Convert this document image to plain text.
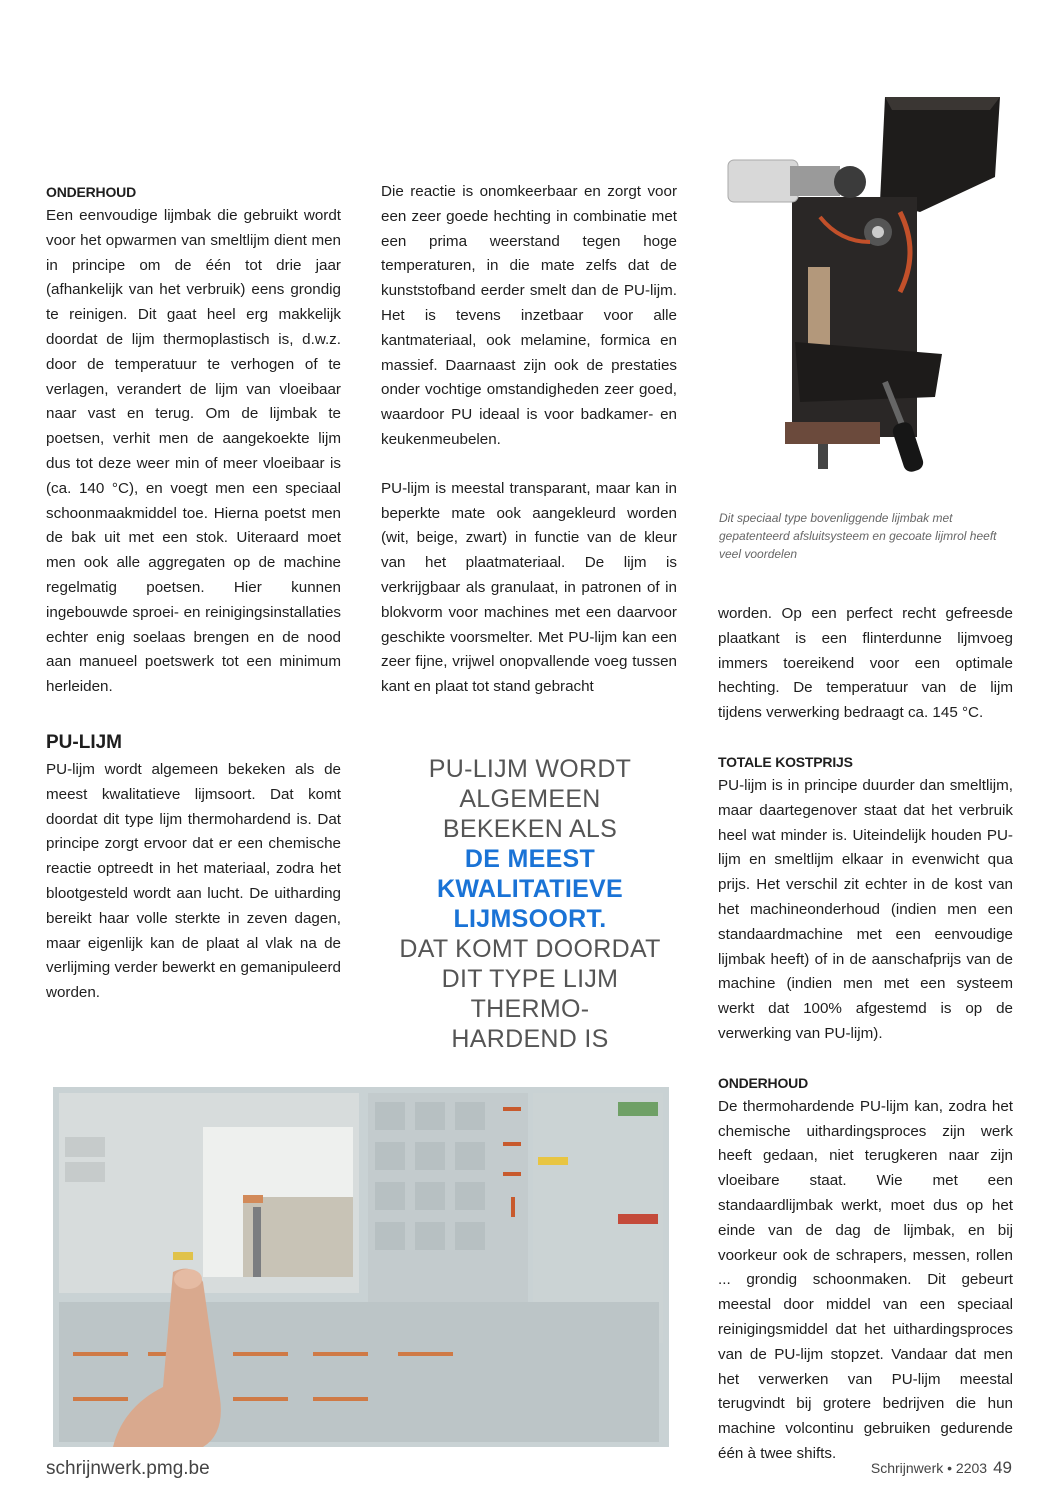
Dit speciaal type bovenliggende lijmbak met gepatenteerd afsluitsysteem en gecoate lijmrol heeft veel voordelen
ONDERHOUD

Een eenvoudige lijmbak die gebruikt wordt voor het opwarmen van smeltlijm dient men in principe om de één tot drie jaar (afhankelijk van het verbruik) eens grondig te reinigen. Dit gaat heel erg makkelijk doordat de lijm thermoplastisch is, d.w.z. door de temperatuur te verhogen of te verlagen, verandert de lijm van vloeibaar naar vast en terug. Om de lijmbak te poetsen, verhit men de aangekoekte lijm dus tot deze weer min of meer vloeibaar is (ca. 140 °C), en voegt men een speciaal schoonmaakmiddel toe. Hierna poetst men de bak uit met een stok. Uiteraard moet men ook alle aggregaten op de machine regelmatig poetsen. Hier kunnen ingebouwde sproei- en reinigingsinstallaties echter enig soelaas brengen en de nood aan manueel poetswerk tot een minimum herleiden.

PU-LIJM

PU-lijm wordt algemeen bekeken als de meest kwalitatieve lijmsoort. Dat komt doordat dit type lijm thermohardend is. Dat principe zorgt ervoor dat er een chemische reactie optreedt in het materiaal, zodra het blootgesteld wordt aan lucht. De uitharding bereikt haar volle sterkte in zeven dagen, maar eigenlijk kan de plaat al vlak na de verlijming verder bewerkt en gemanipuleerd worden.

Die reactie is onomkeerbaar en zorgt voor een zeer goede hechting in combinatie met een prima weerstand tegen hoge temperaturen, in die mate zelfs dat de kunststofband eerder smelt dan de PU-lijm. Het is tevens inzetbaar voor alle kantmateriaal, ook melamine, formica en massief. Daarnaast zijn ook de prestaties onder vochtige omstandigheden zeer goed, waardoor PU ideaal is voor badkamer- en keukenmeubelen.

PU-lijm is meestal transparant, maar kan in beperkte mate ook aangekleurd worden (wit, beige, zwart) in functie van de kleur van het plaatmateriaal. De lijm is verkrijgbaar als granulaat, in patronen of in blokvorm voor machines met een daarvoor geschikte voorsmelter. Met PU-lijm kan een zeer fijne, vrijwel onopvallende voeg tussen kant en plaat tot stand gebracht

PU-LIJM WORDT
ALGEMEEN
BEKEKEN ALS
DE MEEST
KWALITATIEVE
LIJMSOORT.
DAT KOMT DOORDAT
DIT TYPE LIJM THERMO-
HARDEND IS

worden. Op een perfect recht gefreesde plaatkant is een flinterdunne lijmvoeg immers toereikend voor een optimale hechting. De temperatuur van de lijm tijdens verwerking bedraagt ca. 145 °C.

TOTALE KOSTPRIJS

PU-lijm is in principe duurder dan smeltlijm, maar daartegenover staat dat het verbruik heel wat minder is. Uiteindelijk houden PU-lijm en smeltlijm elkaar in evenwicht qua prijs. Het verschil zit echter in de kost van het machineonderhoud (indien men een standaardmachine met een eenvoudige lijmbak heeft) of in de aanschafprijs van de machine (indien men met een systeem werkt dat 100% afgestemd is op de verwerking van PU-lijm).

ONDERHOUD

De thermohardende PU-lijm kan, zodra het chemische uithardingsproces zijn werk heeft gedaan, niet terugkeren naar zijn vloeibare staat. Wie met een standaardlijmbak werkt, moet dus op het einde van de dag de lijmbak, en bij voorkeur ook de schrapers, messen, rollen ... grondig schoonmaken. Dit gebeurt meestal door middel van een speciaal reinigingsmiddel dat het uithardingsproces van de PU-lijm stopzet. Vandaar dat men het verwerken van PU-lijm meestal terugvindt bij grotere bedrijven die hun machine volcontinu gebruiken gedurende één à twee shifts.

schrijnwerk.pmg.be	Schrijnwerk • 2203 49
